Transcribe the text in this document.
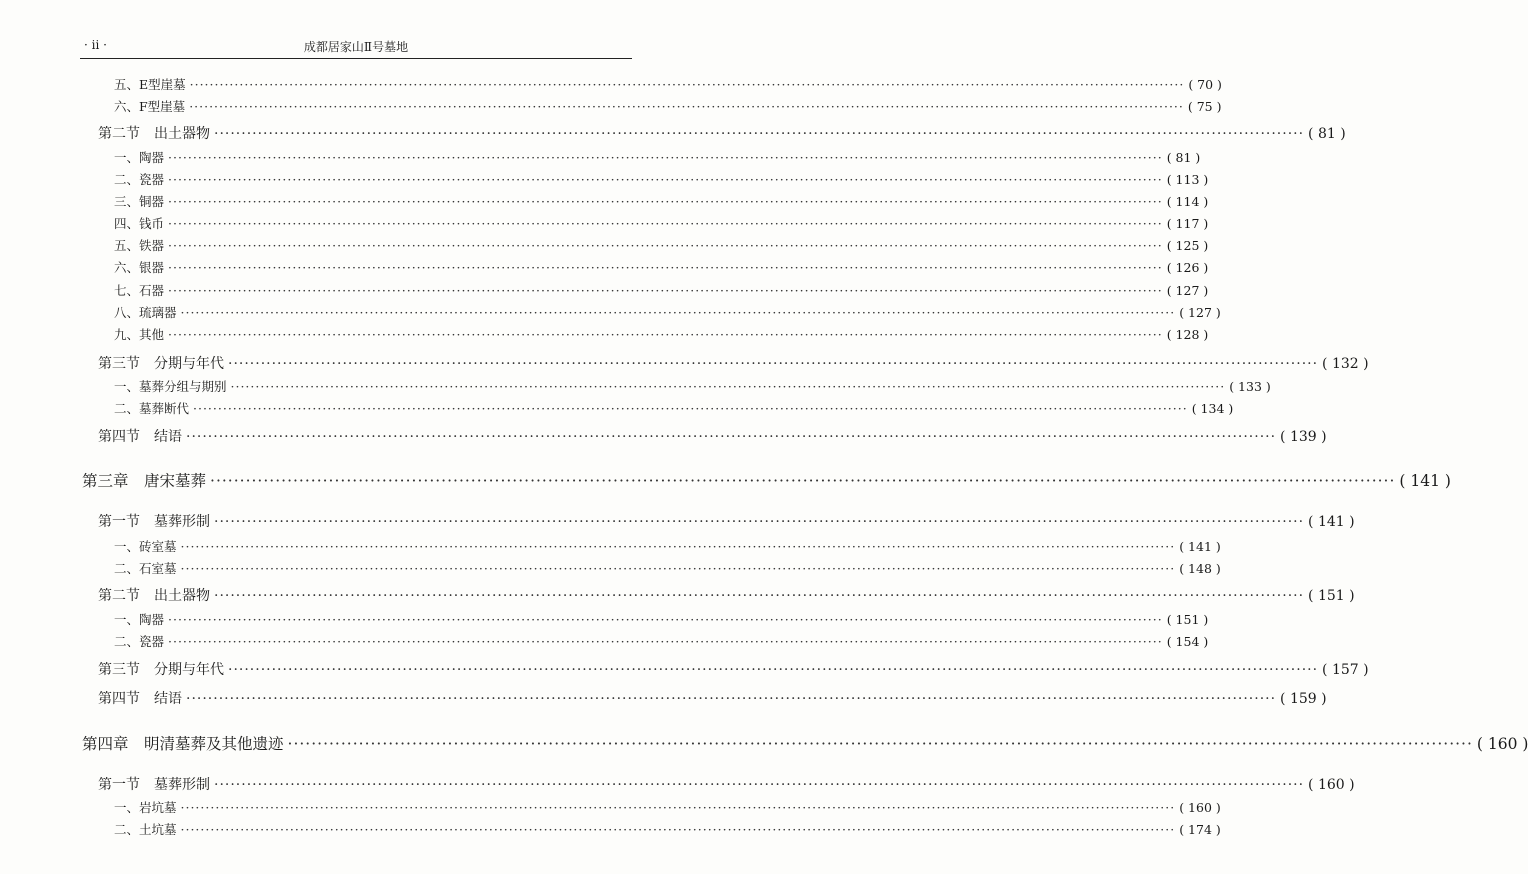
· ii ·	成都居家山Ⅱ号墓地
五、E型崖墓 ········································································································································································································ ( 70 )
六、F型崖墓 ········································································································································································································ ( 75 )
第二节　出土器物 ········································································································································································································ ( 81 )
一、陶器 ········································································································································································································ ( 81 )
二、瓷器 ········································································································································································································ ( 113 )
三、铜器 ········································································································································································································ ( 114 )
四、钱币 ········································································································································································································ ( 117 )
五、铁器 ········································································································································································································ ( 125 )
六、银器 ········································································································································································································ ( 126 )
七、石器 ········································································································································································································ ( 127 )
八、琉璃器 ········································································································································································································ ( 127 )
九、其他 ········································································································································································································ ( 128 )
第三节　分期与年代 ········································································································································································································ ( 132 )
一、墓葬分组与期别 ········································································································································································································ ( 133 )
二、墓葬断代 ········································································································································································································ ( 134 )
第四节　结语 ········································································································································································································ ( 139 )
第三章　唐宋墓葬 ········································································································································································································ ( 141 )
第一节　墓葬形制 ········································································································································································································ ( 141 )
一、砖室墓 ········································································································································································································ ( 141 )
二、石室墓 ········································································································································································································ ( 148 )
第二节　出土器物 ········································································································································································································ ( 151 )
一、陶器 ········································································································································································································ ( 151 )
二、瓷器 ········································································································································································································ ( 154 )
第三节　分期与年代 ········································································································································································································ ( 157 )
第四节　结语 ········································································································································································································ ( 159 )
第四章　明清墓葬及其他遗迹 ········································································································································································································ ( 160 )
第一节　墓葬形制 ········································································································································································································ ( 160 )
一、岩坑墓 ········································································································································································································ ( 160 )
二、土坑墓 ········································································································································································································ ( 174 )
